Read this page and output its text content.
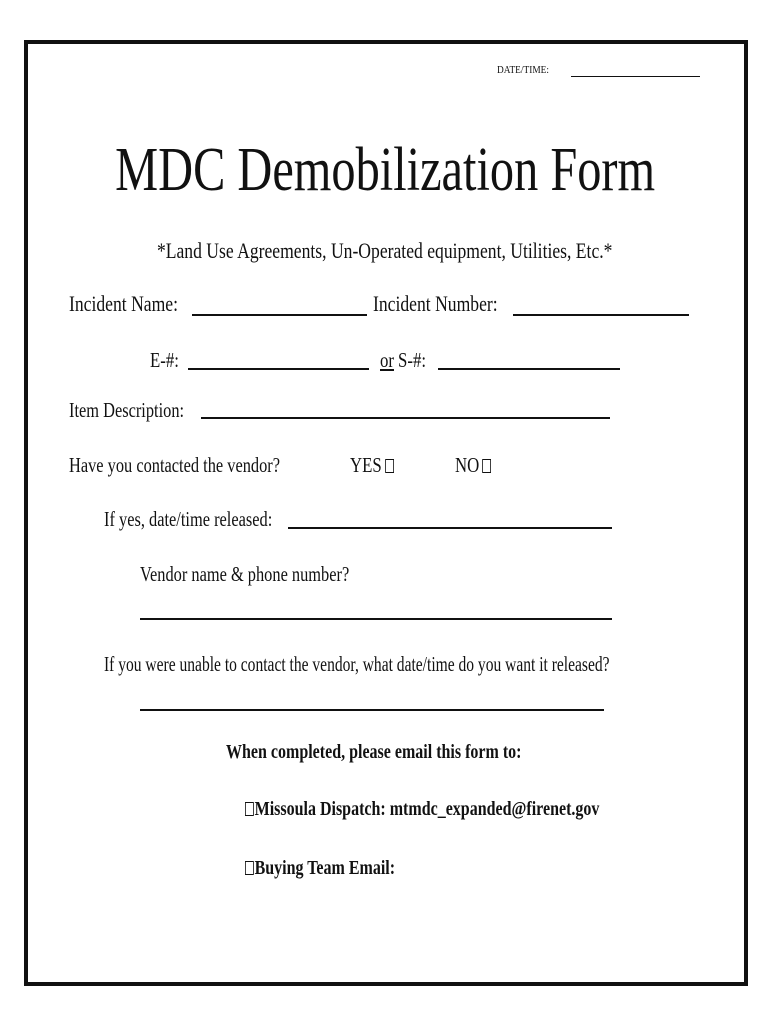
DATE/TIME:
MDC Demobilization Form
*Land Use Agreements, Un-Operated equipment, Utilities, Etc.*
Incident Name:	Incident Number:
E-#:	or S-#:
Item Description:
Have you contacted the vendor?	YES	NO
If yes, date/time released:
Vendor name & phone number?
If you were unable to contact the vendor, what date/time do you want it released?
When completed, please email this form to:
Missoula Dispatch: mtmdc_expanded@firenet.gov
Buying Team Email:
